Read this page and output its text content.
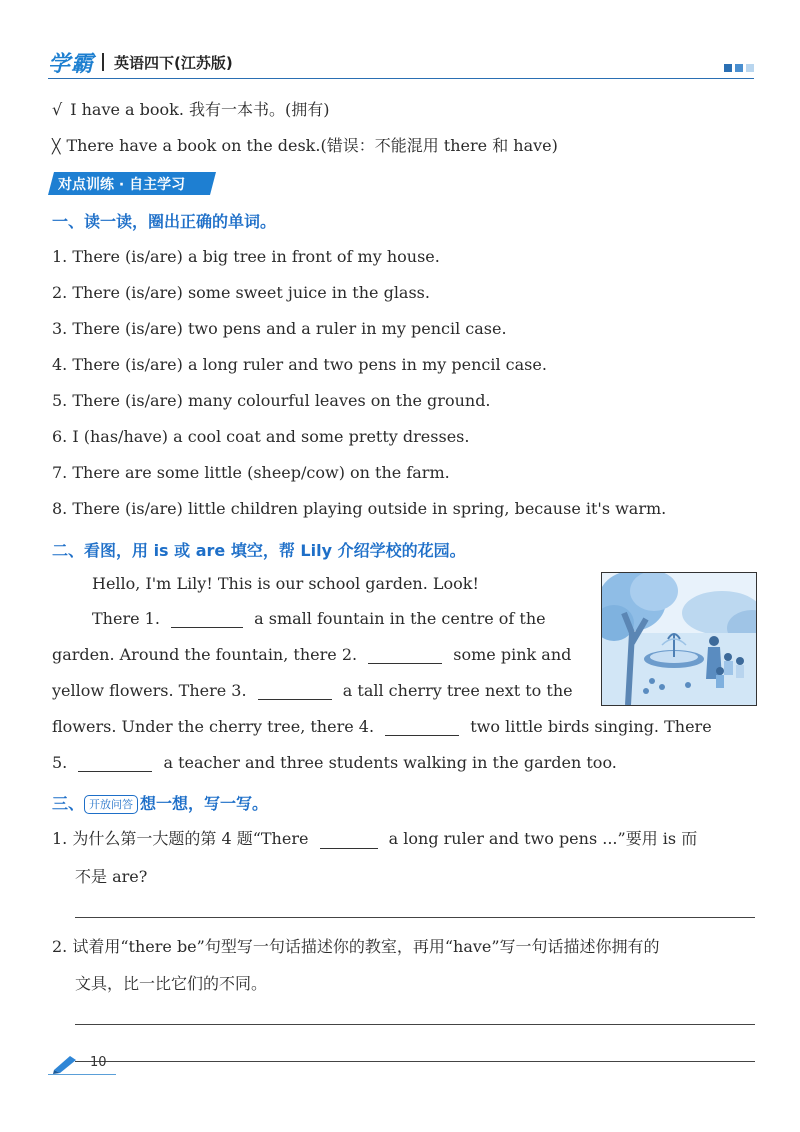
学霸 英语四下(江苏版)
√ I have a book. 我有一本书。(拥有)
╳ There have a book on the desk.(错误：不能混用 there 和 have)
对点训练 · 自主学习
一、读一读，圈出正确的单词。
1. There (is/are) a big tree in front of my house.
2. There (is/are) some sweet juice in the glass.
3. There (is/are) two pens and a ruler in my pencil case.
4. There (is/are) a long ruler and two pens in my pencil case.
5. There (is/are) many colourful leaves on the ground.
6. I (has/have) a cool coat and some pretty dresses.
7. There are some little (sheep/cow) on the farm.
8. There (is/are) little children playing outside in spring, because it's warm.
二、看图，用 is 或 are 填空，帮 Lily 介绍学校的花园。
Hello, I'm Lily! This is our school garden. Look!
There 1.	a small fountain in the centre of the
garden. Around the fountain, there 2.	some pink and
yellow flowers. There 3.	a tall cherry tree next to the
flowers. Under the cherry tree, there 4.	two little birds singing. There
5.	a teacher and three students walking in the garden too.
三、 开放问答 想一想，写一写。
1. 为什么第一大题的第 4 题“There	a long ruler and two pens ...”要用 is 而
不是 are?
2. 试着用“there be”句型写一句话描述你的教室，再用“have”写一句话描述你拥有的
文具，比一比它们的不同。
10
